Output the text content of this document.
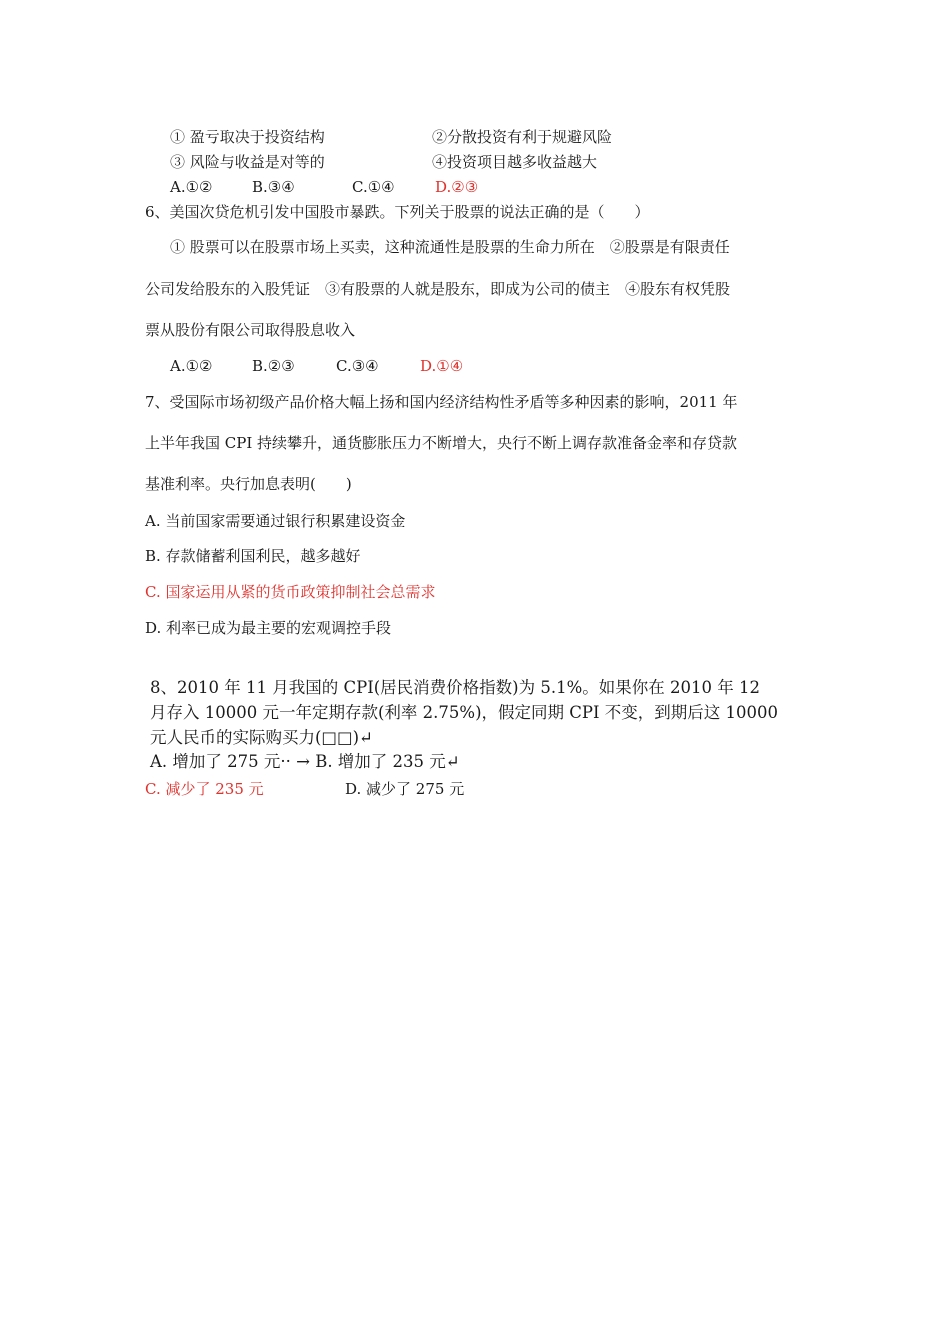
① 盈亏取决于投资结构	②分散投资有利于规避风险
③ 风险与收益是对等的	④投资项目越多收益越大
A.①②	B.③④	C.①④	D.②③
6、美国次贷危机引发中国股市暴跌。下列关于股票的说法正确的是（　　）
① 股票可以在股票市场上买卖，这种流通性是股票的生命力所在　②股票是有限责任
公司发给股东的入股凭证　③有股票的人就是股东，即成为公司的债主　④股东有权凭股
票从股份有限公司取得股息收入
A.①②	B.②③	C.③④	D.①④
7、受国际市场初级产品价格大幅上扬和国内经济结构性矛盾等多种因素的影响，2011 年
上半年我国 CPI 持续攀升，通货膨胀压力不断增大，央行不断上调存款准备金率和存贷款
基准利率。央行加息表明(　　)
A. 当前国家需要通过银行积累建设资金
B. 存款储蓄利国利民，越多越好
C. 国家运用从紧的货币政策抑制社会总需求
D. 利率已成为最主要的宏观调控手段
8、2010 年 11 月我国的 CPI(居民消费价格指数)为 5.1%。如果你在 2010 年 12
月存入 10000 元一年定期存款(利率 2.75%)，假定同期 CPI 不变，到期后这 10000
元人民币的实际购买力(□□)↵
A. 增加了 275 元·· → B. 增加了 235 元↵
C. 减少了 235 元	D. 减少了 275 元
